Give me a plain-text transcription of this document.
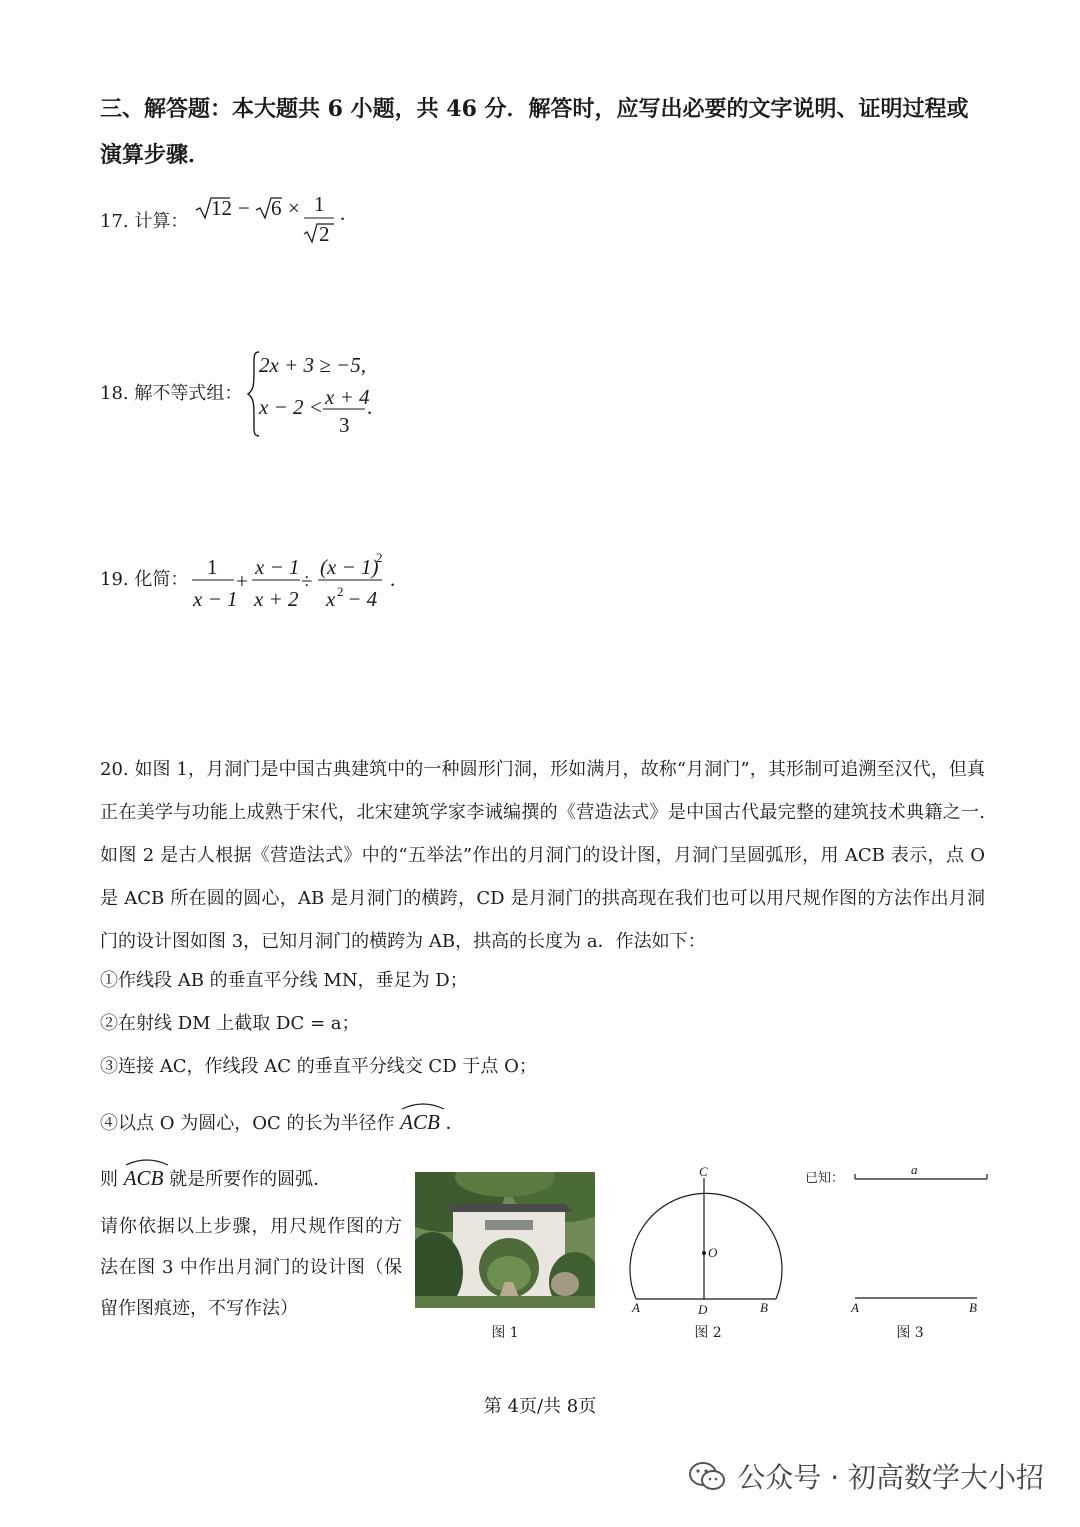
三、解答题：本大题共 6 小题，共 46 分．解答时，应写出必要的文字说明、证明过程或演算步骤．
17. 计算：
12 − 6 × 1
2
.
18. 解不等式组：
2x + 3 ≥ −5,
x − 2 < x + 4
3
.
19. 化简：
1
x − 1
+
x − 1
x + 2
÷
(x − 1)
2
x 2
− 4
.
20. 如图 1，月洞门是中国古典建筑中的一种圆形门洞，形如满月，故称“月洞门”，其形制可追溯至汉代，但真正在美学与功能上成熟于宋代，北宋建筑学家李诫编撰的《营造法式》是中国古代最完整的建筑技术典籍之一. 如图 2 是古人根据《营造法式》中的“五举法”作出的月洞门的设计图，月洞门呈圆弧形，用 ACB 表示，点 O 是 ACB 所在圆的圆心，AB 是月洞门的横跨，CD 是月洞门的拱高现在我们也可以用尺规作图的方法作出月洞门的设计图如图 3，已知月洞门的横跨为 AB，拱高的长度为 a．作法如下：
①作线段 AB 的垂直平分线 MN，垂足为 D；
②在射线 DM 上截取 DC = a；
③连接 AC，作线段 AC 的垂直平分线交 CD 于点 O；
④以点 O 为圆心，OC 的长为半径作 ACB ．
则 ACB 就是所要作的圆弧．
请你依据以上步骤，用尺规作图的方法在图 3 中作出月洞门的设计图（保留作图痕迹，不写作法）
图 1
C
O
A	D	B
图 2
已知：
a
A	B
图 3
第 4页/共 8页
公众号 · 初高数学大小招
